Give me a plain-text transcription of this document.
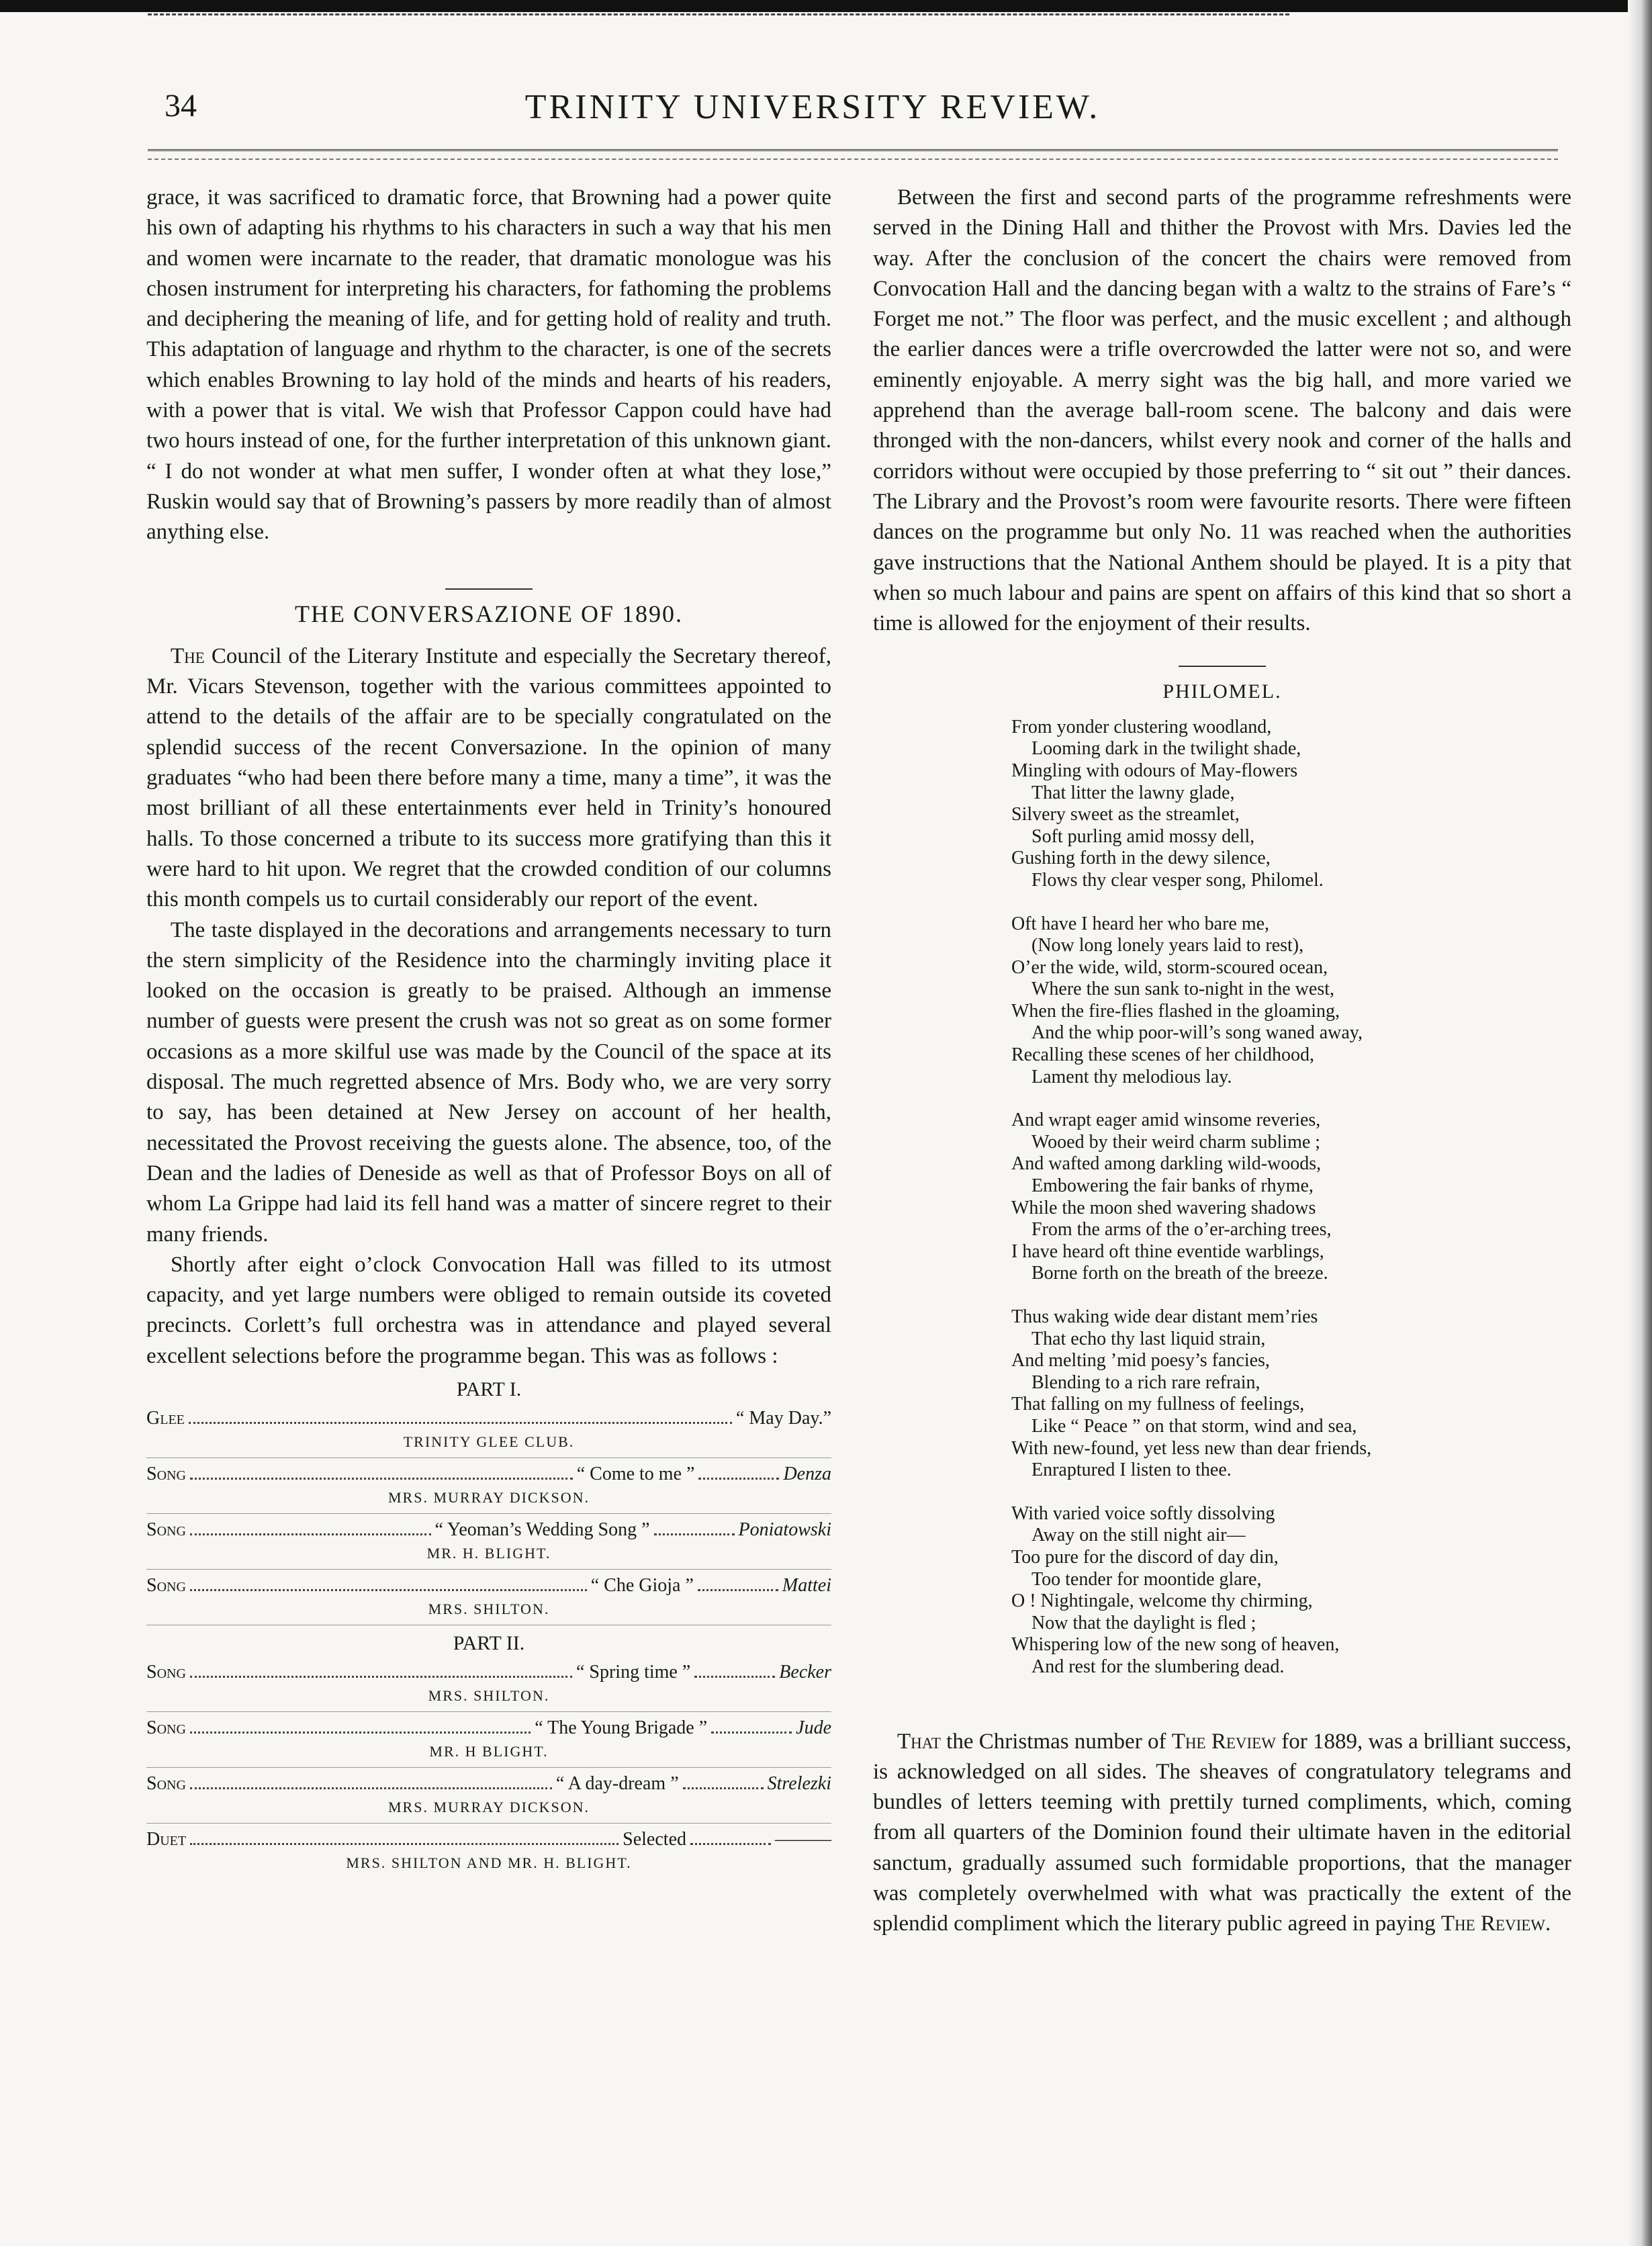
34	TRINITY UNIVERSITY REVIEW.

grace, it was sacrificed to dramatic force, that Browning had a power quite his own of adapting his rhythms to his characters in such a way that his men and women were incarnate to the reader, that dramatic monologue was his chosen instrument for interpreting his characters, for fathoming the problems and deciphering the meaning of life, and for getting hold of reality and truth. This adaptation of language and rhythm to the character, is one of the secrets which enables Browning to lay hold of the minds and hearts of his readers, with a power that is vital. We wish that Professor Cappon could have had two hours instead of one, for the further interpretation of this unknown giant. “ I do not wonder at what men suffer, I wonder often at what they lose,” Ruskin would say that of Browning’s passers by more readily than of almost anything else.

THE CONVERSAZIONE OF 1890.

The Council of the Literary Institute and especially the Secretary thereof, Mr. Vicars Stevenson, together with the various committees appointed to attend to the details of the affair are to be specially congratulated on the splendid success of the recent Conversazione. In the opinion of many graduates “who had been there before many a time, many a time”, it was the most brilliant of all these entertainments ever held in Trinity’s honoured halls. To those concerned a tribute to its success more gratifying than this it were hard to hit upon. We regret that the crowded condition of our columns this month compels us to curtail considerably our report of the event.

The taste displayed in the decorations and arrangements necessary to turn the stern simplicity of the Residence into the charmingly inviting place it looked on the occasion is greatly to be praised. Although an immense number of guests were present the crush was not so great as on some former occasions as a more skilful use was made by the Council of the space at its disposal. The much regretted absence of Mrs. Body who, we are very sorry to say, has been detained at New Jersey on account of her health, necessitated the Provost receiving the guests alone. The absence, too, of the Dean and the ladies of Deneside as well as that of Professor Boys on all of whom La Grippe had laid its fell hand was a matter of sincere regret to their many friends.

Shortly after eight o’clock Convocation Hall was filled to its utmost capacity, and yet large numbers were obliged to remain outside its coveted precincts. Corlett’s full orchestra was in attendance and played several excellent selections before the programme began. This was as follows :

PART I.
Glee	“ May Day.”
TRINITY GLEE CLUB.
Song	“ Come to me ”	Denza
MRS. MURRAY DICKSON.
Song	“ Yeoman’s Wedding Song ”	Poniatowski
MR. H. BLIGHT.
Song	“ Che Gioja ”	Mattei
MRS. SHILTON.
PART II.
Song	“ Spring time ”	Becker
MRS. SHILTON.
Song	“ The Young Brigade ”	Jude
MR. H BLIGHT.
Song	“ A day-dream ”	Strelezki
MRS. MURRAY DICKSON.
Duet	Selected	———
MRS. SHILTON AND MR. H. BLIGHT.

Between the first and second parts of the programme refreshments were served in the Dining Hall and thither the Provost with Mrs. Davies led the way. After the conclusion of the concert the chairs were removed from Convocation Hall and the dancing began with a waltz to the strains of Fare’s “ Forget me not.” The floor was perfect, and the music excellent ; and although the earlier dances were a trifle overcrowded the latter were not so, and were eminently enjoyable. A merry sight was the big hall, and more varied we apprehend than the average ball-room scene. The balcony and dais were thronged with the non-dancers, whilst every nook and corner of the halls and corridors without were occupied by those preferring to “ sit out ” their dances. The Library and the Provost’s room were favourite resorts. There were fifteen dances on the programme but only No. 11 was reached when the authorities gave instructions that the National Anthem should be played. It is a pity that when so much labour and pains are spent on affairs of this kind that so short a time is allowed for the enjoyment of their results.

PHILOMEL.
From yonder clustering woodland,
Looming dark in the twilight shade,
Mingling with odours of May-flowers
That litter the lawny glade,
Silvery sweet as the streamlet,
Soft purling amid mossy dell,
Gushing forth in the dewy silence,
Flows thy clear vesper song, Philomel.
Oft have I heard her who bare me,
(Now long lonely years laid to rest),
O’er the wide, wild, storm-scoured ocean,
Where the sun sank to-night in the west,
When the fire-flies flashed in the gloaming,
And the whip poor-will’s song waned away,
Recalling these scenes of her childhood,
Lament thy melodious lay.
And wrapt eager amid winsome reveries,
Wooed by their weird charm sublime ;
And wafted among darkling wild-woods,
Embowering the fair banks of rhyme,
While the moon shed wavering shadows
From the arms of the o’er-arching trees,
I have heard oft thine eventide warblings,
Borne forth on the breath of the breeze.
Thus waking wide dear distant mem’ries
That echo thy last liquid strain,
And melting ’mid poesy’s fancies,
Blending to a rich rare refrain,
That falling on my fullness of feelings,
Like “ Peace ” on that storm, wind and sea,
With new-found, yet less new than dear friends,
Enraptured I listen to thee.
With varied voice softly dissolving
Away on the still night air—
Too pure for the discord of day din,
Too tender for moontide glare,
O ! Nightingale, welcome thy chirming,
Now that the daylight is fled ;
Whispering low of the new song of heaven,
And rest for the slumbering dead.

That the Christmas number of The Review for 1889, was a brilliant success, is acknowledged on all sides. The sheaves of congratulatory telegrams and bundles of letters teeming with prettily turned compliments, which, coming from all quarters of the Dominion found their ultimate haven in the editorial sanctum, gradually assumed such formidable proportions, that the manager was completely overwhelmed with what was practically the extent of the splendid compliment which the literary public agreed in paying The Review.
